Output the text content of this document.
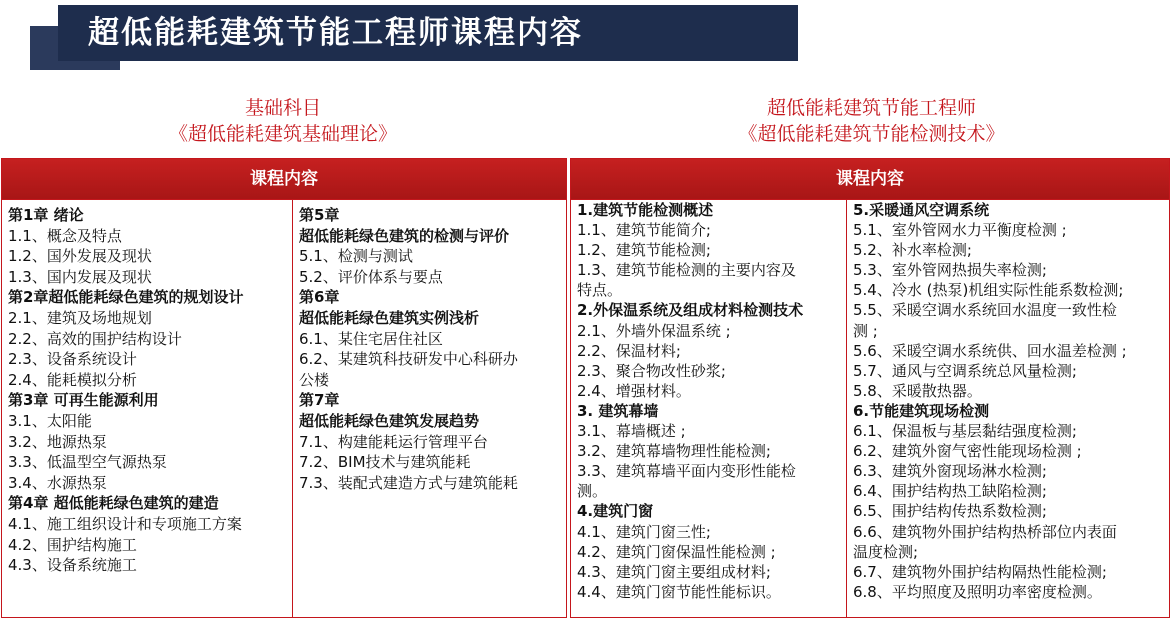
超低能耗建筑节能工程师课程内容
基础科目
《超低能耗建筑基础理论》
超低能耗建筑节能工程师
《超低能耗建筑节能检测技术》
课程内容
第1章 绪论
1.1、概念及特点
1.2、国外发展及现状
1.3、国内发展及现状
第2章超低能耗绿色建筑的规划设计
2.1、建筑及场地规划
2.2、高效的围护结构设计
2.3、设备系统设计
2.4、能耗模拟分析
第3章 可再生能源利用
3.1、太阳能
3.2、地源热泵
3.3、低温型空气源热泵
3.4、水源热泵
第4章 超低能耗绿色建筑的建造
4.1、施工组织设计和专项施工方案
4.2、围护结构施工
4.3、设备系统施工
第5章
超低能耗绿色建筑的检测与评价
5.1、检测与测试
5.2、评价体系与要点
第6章
超低能耗绿色建筑实例浅析
6.1、某住宅居住社区
6.2、某建筑科技研发中心科研办
公楼
第7章
超低能耗绿色建筑发展趋势
7.1、构建能耗运行管理平台
7.2、BIM技术与建筑能耗
7.3、装配式建造方式与建筑能耗
课程内容
1.建筑节能检测概述
1.1、建筑节能简介;
1.2、建筑节能检测;
1.3、建筑节能检测的主要内容及
特点。
2.外保温系统及组成材料检测技术
2.1、外墙外保温系统 ;
2.2、保温材料;
2.3、聚合物改性砂浆;
2.4、增强材料。
3. 建筑幕墙
3.1、幕墙概述 ;
3.2、建筑幕墙物理性能检测;
3.3、建筑幕墙平面内变形性能检
测。
4.建筑门窗
4.1、建筑门窗三性;
4.2、建筑门窗保温性能检测 ;
4.3、建筑门窗主要组成材料;
4.4、建筑门窗节能性能标识。
5.采暖通风空调系统
5.1、室外管网水力平衡度检测 ;
5.2、补水率检测;
5.3、室外管网热损失率检测;
5.4、冷水 (热泵)机组实际性能系数检测;
5.5、采暖空调水系统回水温度一致性检
测 ;
5.6、采暖空调水系统供、回水温差检测 ;
5.7、通风与空调系统总风量检测;
5.8、采暖散热器。
6.节能建筑现场检测
6.1、保温板与基层黏结强度检测;
6.2、建筑外窗气密性能现场检测 ;
6.3、建筑外窗现场淋水检测;
6.4、围护结构热工缺陷检测;
6.5、围护结构传热系数检测;
6.6、建筑物外围护结构热桥部位内表面
温度检测;
6.7、建筑物外围护结构隔热性能检测;
6.8、平均照度及照明功率密度检测。
